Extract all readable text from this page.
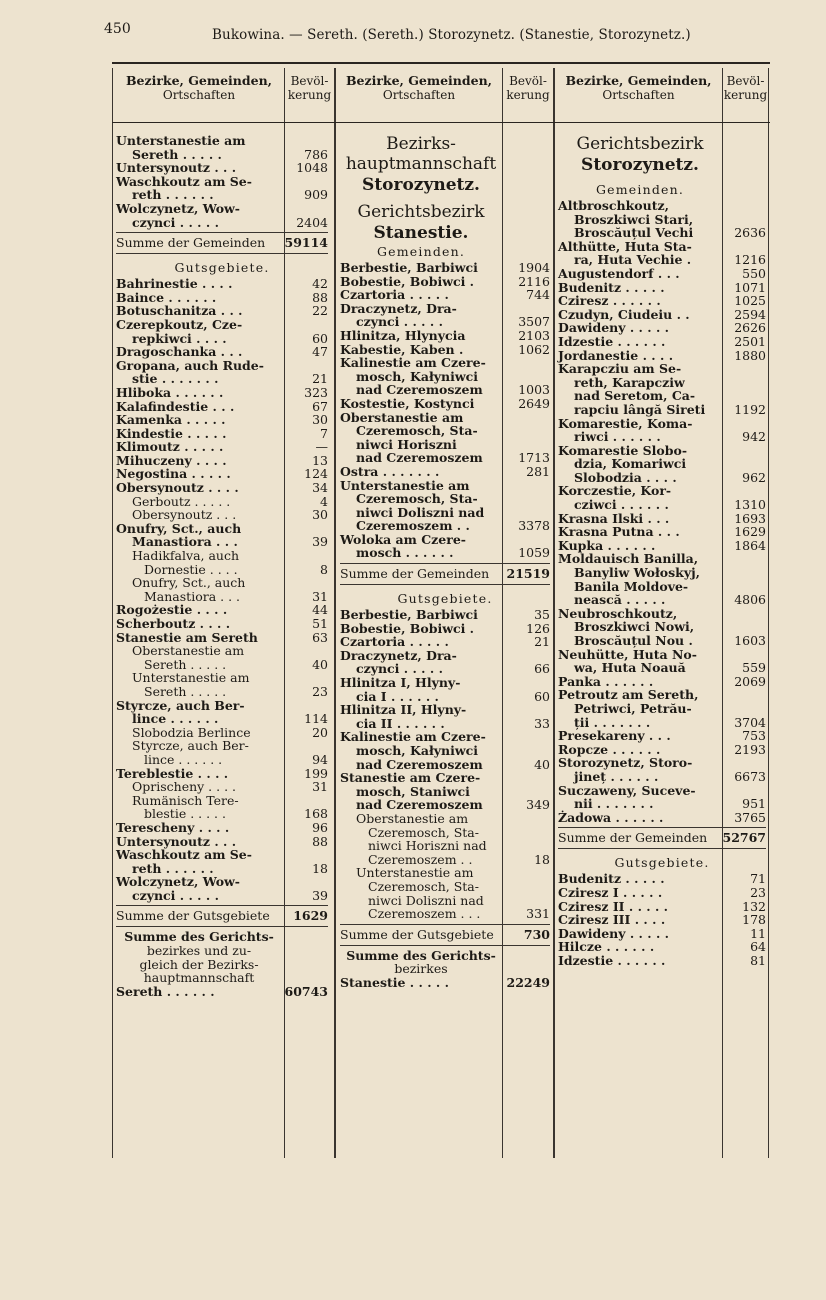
450	Bukowina. — Sereth. (Sereth.) Storozynetz. (Stanestie, Storozynetz.)
Bezirke, Gemeinden,
Ortschaften
Bevöl-
kerung
Bezirke, Gemeinden,
Ortschaften
Bevöl-
kerung
Bezirke, Gemeinden,
Ortschaften
Bevöl-
kerung
Unterstanestie am
Sereth . . . . .	786
Untersynoutz . . .	1048
Waschkoutz am Se-
reth . . . . . .	909
Wolczynetz, Wow-
czynci . . . . .	2404
Summe der Gemeinden	59114
Gutsgebiete.
Bahrinestie . . . .	42
Baince . . . . . .	88
Botuschanitza . . .	22
Czerepkoutz, Cze-
repkiwci . . . .	60
Dragoschanka . . .	47
Gropana, auch Rude-
stie . . . . . . .	21
Hliboka . . . . . .	323
Kalafindestie . . .	67
Kamenka . . . . .	30
Kindestie . . . . .	7
Klimoutz . . . . .	—
Mihuczeny . . . .	13
Negostina . . . . .	124
Obersynoutz . . . .	34
Gerboutz . . . . .	4
Obersynoutz . . .	30
Onufry, Sct., auch
Manastiora . . .	39
Hadikfalva, auch
Dornestie . . . .	8
Onufry, Sct., auch
Manastiora . . .	31
Rogożestie . . . .	44
Scherboutz . . . .	51
Stanestie am Sereth	63
Oberstanestie am
Sereth . . . . .	40
Unterstanestie am
Sereth . . . . .	23
Styrcze, auch Ber-
lince . . . . . .	114
Slobodzia Berlince	20
Styrcze, auch Ber-
lince . . . . . .	94
Tereblestie . . . .	199
Oprischeny . . . .	31
Rumänisch Tere-
blestie . . . . .	168
Terescheny . . . .	96
Untersynoutz . . .	88
Waschkoutz am Se-
reth . . . . . .	18
Wolczynetz, Wow-
czynci . . . . .	39
Summe der Gutsgebiete	1629
Summe des Gerichts-
bezirkes und zu-
gleich der Bezirks-
hauptmannschaft
Sereth . . . . . .	60743
Bezirks-
hauptmannschaft
Storozynetz.
Gerichtsbezirk
Stanestie.
Gemeinden.
Berbestie, Barbiwci	1904
Bobestie, Bobiwci .	2116
Czartoria . . . . .	744
Draczynetz, Dra-
czynci . . . . .	3507
Hlinitza, Hlynycia	2103
Kabestie, Kaben .	1062
Kalinestie am Czere-
mosch, Kałyniwci
nad Czeremoszem	1003
Kostestie, Kostynci	2649
Oberstanestie am
Czeremosch, Sta-
niwci Horiszni
nad Czeremoszem	1713
Ostra . . . . . . .	281
Unterstanestie am
Czeremosch, Sta-
niwci Doliszni nad
Czeremoszem . .	3378
Woloka am Czere-
mosch . . . . . .	1059
Summe der Gemeinden	21519
Gutsgebiete.
Berbestie, Barbiwci	35
Bobestie, Bobiwci .	126
Czartoria . . . . .	21
Draczynetz, Dra-
czynci . . . . .	66
Hlinitza I, Hlyny-
cia I . . . . . .	60
Hlinitza II, Hlyny-
cia II . . . . . .	33
Kalinestie am Czere-
mosch, Kałyniwci
nad Czeremoszem	40
Stanestie am Czere-
mosch, Staniwci
nad Czeremoszem	349
Oberstanestie am
Czeremosch, Sta-
niwci Horiszni nad
Czeremoszem . .	18
Unterstanestie am
Czeremosch, Sta-
niwci Doliszni nad
Czeremoszem . . .	331
Summe der Gutsgebiete	730
Summe des Gerichts-
bezirkes
Stanestie . . . . .	22249
Gerichtsbezirk
Storozynetz.
Gemeinden.
Altbroschkoutz,
Broszkiwci Stari,
Broscăuțul Vechi	2636
Althütte, Huta Sta-
ra, Huta Vechie .	1216
Augustendorf . . .	550
Budenitz . . . . .	1071
Cziresz . . . . . .	1025
Czudyn, Ciudeiu . .	2594
Dawideny . . . . .	2626
Idzestie . . . . . .	2501
Jordanestie . . . .	1880
Karapcziu am Se-
reth, Karapcziw
nad Seretom, Ca-
rapciu lângă Sireti	1192
Komarestie, Koma-
riwci . . . . . .	942
Komarestie Slobo-
dzia, Komariwci
Slobodzia . . . .	962
Korczestie, Kor-
cziwci . . . . . .	1310
Krasna Ilski . . .	1693
Krasna Putna . . .	1629
Kupka . . . . . .	1864
Moldauisch Banilla,
Banyliw Wołoskyj,
Banila Moldove-
nească . . . . .	4806
Neubroschkoutz,
Broszkiwci Nowi,
Broscăuțul Nou .	1603
Neuhütte, Huta No-
wa, Huta Noauă	559
Panka . . . . . .	2069
Petroutz am Sereth,
Petriwci, Petrău-
ții . . . . . . .	3704
Presekareny . . .	753
Ropcze . . . . . .	2193
Storozynetz, Storo-
jineț . . . . . .	6673
Suczaweny, Suceve-
nii . . . . . . .	951
Żadowa . . . . . .	3765
Summe der Gemeinden	52767
Gutsgebiete.
Budenitz . . . . .	71
Cziresz I . . . . .	23
Cziresz II . . . . .	132
Cziresz III . . . .	178
Dawideny . . . . .	11
Hilcze . . . . . .	64
Idzestie . . . . . .	81
